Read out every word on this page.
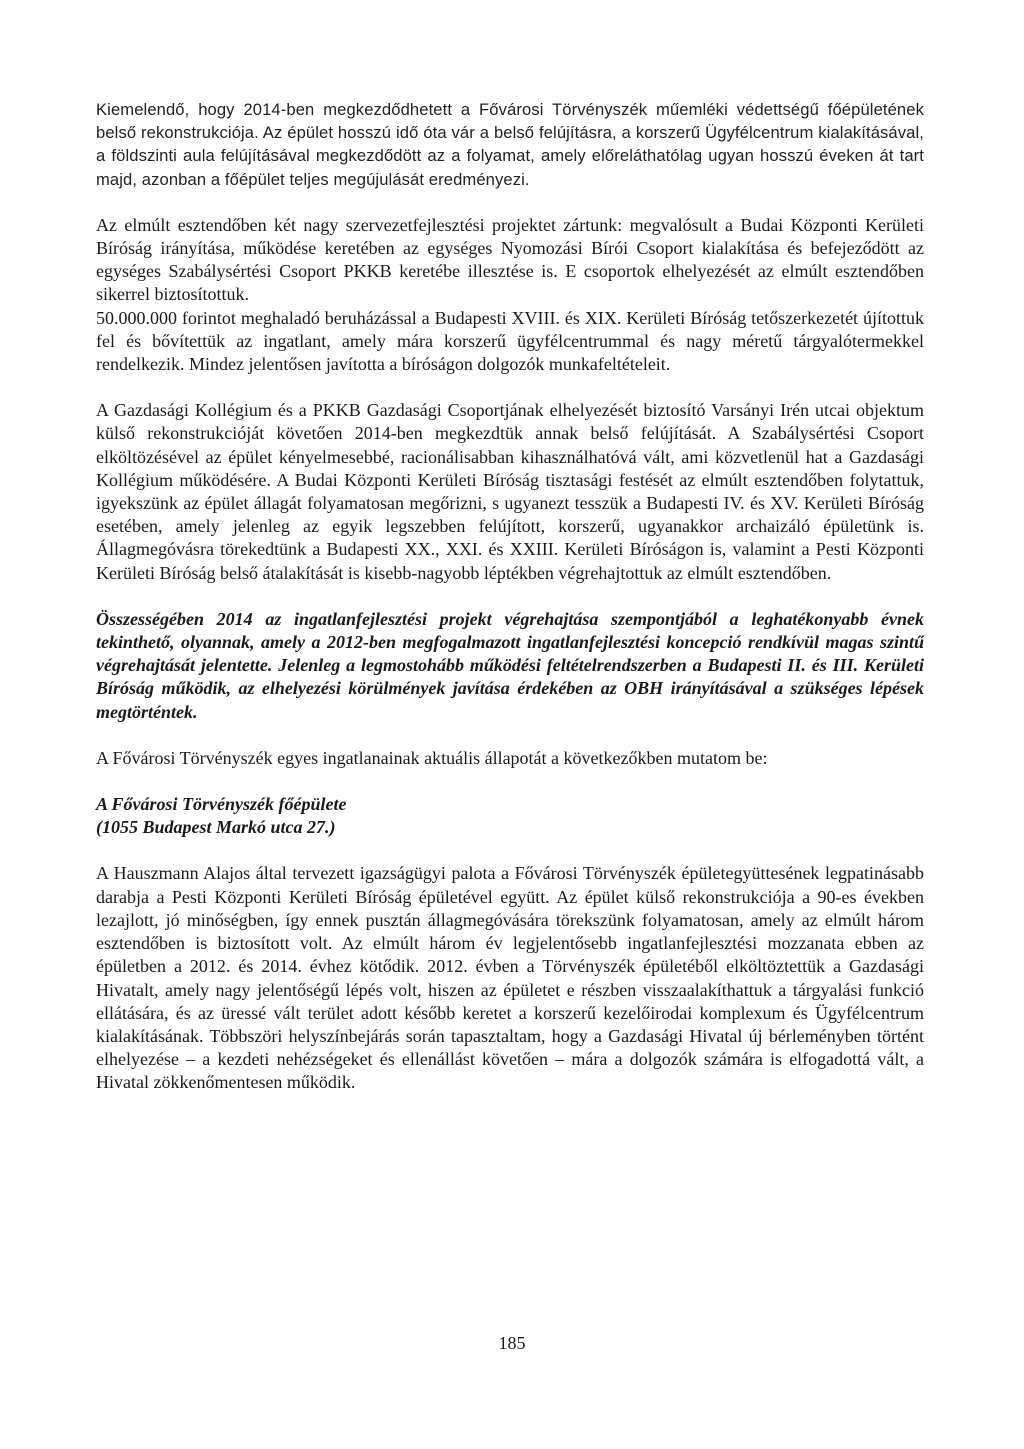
Kiemelendő, hogy 2014-ben megkezdődhetett a Fővárosi Törvényszék műemléki védettségű főépületének belső rekonstrukciója. Az épület hosszú idő óta vár a belső felújításra, a korszerű Ügyfélcentrum kialakításával, a földszinti aula felújításával megkezdődött az a folyamat, amely előreláthatólag ugyan hosszú éveken át tart majd, azonban a főépület teljes megújulását eredményezi.

Az elmúlt esztendőben két nagy szervezetfejlesztési projektet zártunk: megvalósult a Budai Központi Kerületi Bíróság irányítása, működése keretében az egységes Nyomozási Bírói Csoport kialakítása és befejeződött az egységes Szabálysértési Csoport PKKB keretébe illesztése is. E csoportok elhelyezését az elmúlt esztendőben sikerrel biztosítottuk.

50.000.000 forintot meghaladó beruházással a Budapesti XVIII. és XIX. Kerületi Bíróság tetőszerkezetét újítottuk fel és bővítettük az ingatlant, amely mára korszerű ügyfélcentrummal és nagy méretű tárgyalótermekkel rendelkezik. Mindez jelentősen javította a bíróságon dolgozók munkafeltételeit.

A Gazdasági Kollégium és a PKKB Gazdasági Csoportjának elhelyezését biztosító Varsányi Irén utcai objektum külső rekonstrukcióját követően 2014-ben megkezdtük annak belső felújítását. A Szabálysértési Csoport elköltözésével az épület kényelmesebbé, racionálisabban kihasználhatóvá vált, ami közvetlenül hat a Gazdasági Kollégium működésére. A Budai Központi Kerületi Bíróság tisztasági festését az elmúlt esztendőben folytattuk, igyekszünk az épület állagát folyamatosan megőrizni, s ugyanezt tesszük a Budapesti IV. és XV. Kerületi Bíróság esetében, amely jelenleg az egyik legszebben felújított, korszerű, ugyanakkor archaizáló épületünk is. Állagmegóvásra törekedtünk a Budapesti XX., XXI. és XXIII. Kerületi Bíróságon is, valamint a Pesti Központi Kerületi Bíróság belső átalakítását is kisebb-nagyobb léptékben végrehajtottuk az elmúlt esztendőben.

Összességében 2014 az ingatlanfejlesztési projekt végrehajtása szempontjából a leghatékonyabb évnek tekinthető, olyannak, amely a 2012-ben megfogalmazott ingatlanfejlesztési koncepció rendkívül magas szintű végrehajtását jelentette. Jelenleg a legmostohább működési feltételrendszerben a Budapesti II. és III. Kerületi Bíróság működik, az elhelyezési körülmények javítása érdekében az OBH irányításával a szükséges lépések megtörténtek.

A Fővárosi Törvényszék egyes ingatlanainak aktuális állapotát a következőkben mutatom be:

A Fővárosi Törvényszék főépülete
(1055 Budapest Markó utca 27.)

A Hauszmann Alajos által tervezett igazságügyi palota a Fővárosi Törvényszék épületegyüttesének legpatinásabb darabja a Pesti Központi Kerületi Bíróság épületével együtt. Az épület külső rekonstrukciója a 90-es években lezajlott, jó minőségben, így ennek pusztán állagmegóvására törekszünk folyamatosan, amely az elmúlt három esztendőben is biztosított volt. Az elmúlt három év legjelentősebb ingatlanfejlesztési mozzanata ebben az épületben a 2012. és 2014. évhez kötődik. 2012. évben a Törvényszék épületéből elköltöztettük a Gazdasági Hivatalt, amely nagy jelentőségű lépés volt, hiszen az épületet e részben visszaalakíthattuk a tárgyalási funkció ellátására, és az üressé vált terület adott később keretet a korszerű kezelőirodai komplexum és Ügyfélcentrum kialakításának. Többszöri helyszínbejárás során tapasztaltam, hogy a Gazdasági Hivatal új bérleményben történt elhelyezése – a kezdeti nehézségeket és ellenállást követően – mára a dolgozók számára is elfogadottá vált, a Hivatal zökkenőmentesen működik.

185
